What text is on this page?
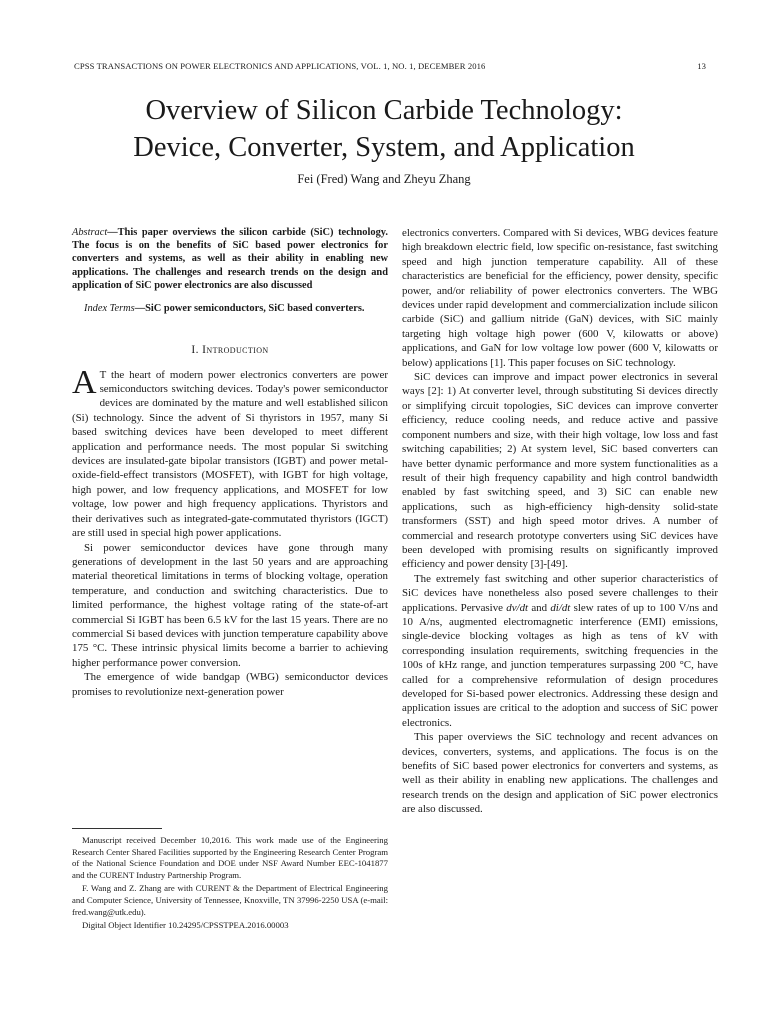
CPSS TRANSACTIONS ON POWER ELECTRONICS AND APPLICATIONS, VOL. 1, NO. 1, DECEMBER 2016	13
Overview of Silicon Carbide Technology:
Device, Converter, System, and Application
Fei (Fred) Wang and Zheyu Zhang

Abstract—This paper overviews the silicon carbide (SiC) technology. The focus is on the benefits of SiC based power electronics for converters and systems, as well as their ability in enabling new applications. The challenges and research trends on the design and application of SiC power electronics are also discussed

Index Terms—SiC power semiconductors, SiC based converters.

I. Introduction

A T the heart of modern power electronics converters are power semiconductors switching devices. Today's power semiconductor devices are dominated by the mature and well established silicon (Si) technology. Since the advent of Si thyristors in 1957, many Si based switching devices have been developed to meet different application and performance needs. The most popular Si switching devices are insulated-gate bipolar transistors (IGBT) and power metal-oxide-field-effect transistors (MOSFET), with IGBT for high voltage, high power, and low frequency applications, and MOSFET for low voltage, low power and high frequency applications. Thyristors and their derivatives such as integrated-gate-commutated thyristors (IGCT) are still used in special high power applications.

Si power semiconductor devices have gone through many generations of development in the last 50 years and are approaching material theoretical limitations in terms of blocking voltage, operation temperature, and conduction and switching characteristics. Due to limited performance, the highest voltage rating of the state-of-art commercial Si IGBT has been 6.5 kV for the last 15 years. There are no commercial Si based devices with junction temperature capability above 175 °C. These intrinsic physical limits become a barrier to achieving higher performance power conversion.

The emergence of wide bandgap (WBG) semiconductor devices promises to revolutionize next-generation power

Manuscript received December 10,2016. This work made use of the Engineering Research Center Shared Facilities supported by the Engineering Research Center Program of the National Science Foundation and DOE under NSF Award Number EEC-1041877 and the CURENT Industry Partnership Program.

F. Wang and Z. Zhang are with CURENT & the Department of Electrical Engineering and Computer Science, University of Tennessee, Knoxville, TN 37996-2250 USA (e-mail: fred.wang@utk.edu).

Digital Object Identifier 10.24295/CPSSTPEA.2016.00003

electronics converters. Compared with Si devices, WBG devices feature high breakdown electric field, low specific on-resistance, fast switching speed and high junction temperature capability. All of these characteristics are beneficial for the efficiency, power density, specific power, and/or reliability of power electronics converters. The WBG devices under rapid development and commercialization include silicon carbide (SiC) and gallium nitride (GaN) devices, with SiC mainly targeting high voltage high power (600 V, kilowatts or above) applications, and GaN for low voltage low power (600 V, kilowatts or below) applications [1]. This paper focuses on SiC technology.

SiC devices can improve and impact power electronics in several ways [2]: 1) At converter level, through substituting Si devices directly or simplifying circuit topologies, SiC devices can improve converter efficiency, reduce cooling needs, and reduce active and passive component numbers and size, with their high voltage, low loss and fast switching capabilities; 2) At system level, SiC based converters can have better dynamic performance and more system functionalities as a result of their high frequency capability and high control bandwidth enabled by fast switching speed, and 3) SiC can enable new applications, such as high-efficiency high-density solid-state transformers (SST) and high speed motor drives. A number of commercial and research prototype converters using SiC devices have been developed with promising results on significantly improved efficiency and power density [3]-[49].

The extremely fast switching and other superior characteristics of SiC devices have nonetheless also posed severe challenges to their applications. Pervasive dv/dt and di/dt slew rates of up to 100 V/ns and 10 A/ns, augmented electromagnetic interference (EMI) emissions, single-device blocking voltages as high as tens of kV with corresponding insulation requirements, switching frequencies in the 100s of kHz range, and junction temperatures surpassing 200 °C, have called for a comprehensive reformulation of design procedures developed for Si-based power electronics. Addressing these design and application issues are critical to the adoption and success of SiC power electronics.

This paper overviews the SiC technology and recent advances on devices, converters, systems, and applications. The focus is on the benefits of SiC based power electronics for converters and systems, as well as their ability in enabling new applications. The challenges and research trends on the design and application of SiC power electronics are also discussed.
